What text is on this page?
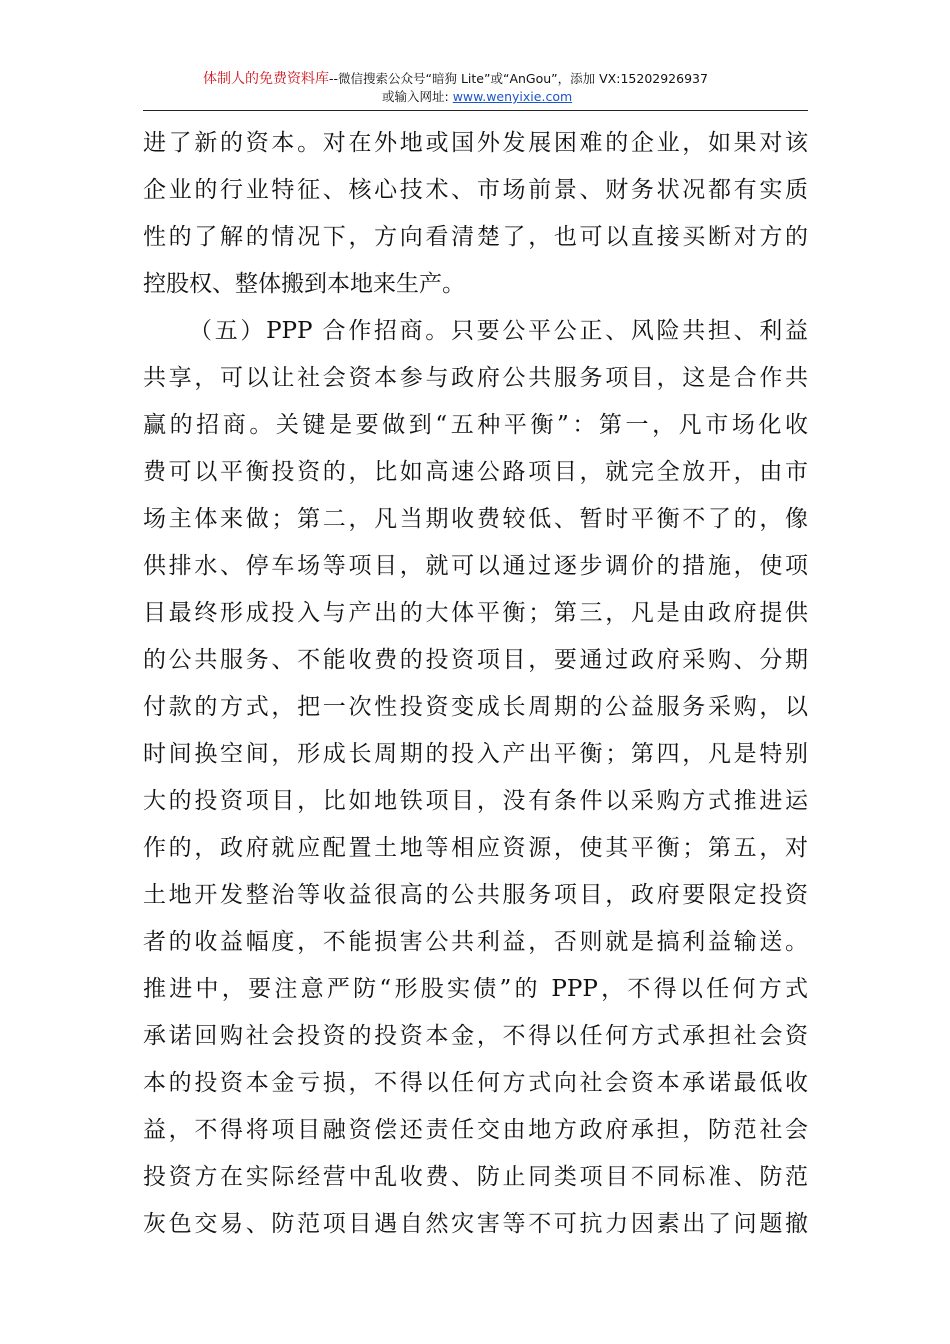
体制人的免费资料库--微信搜索公众号“暗狗 Lite”或“AnGou”，添加 VX:15202926937
或输入网址: www.wenyixie.com
进了新的资本。对在外地或国外发展困难的企业，如果对该
企业的行业特征、核心技术、市场前景、财务状况都有实质
性的了解的情况下，方向看清楚了，也可以直接买断对方的
控股权、整体搬到本地来生产。
（五）PPP 合作招商。只要公平公正、风险共担、利益
共享，可以让社会资本参与政府公共服务项目，这是合作共
赢的招商。关键是要做到“五种平衡”：第一，凡市场化收
费可以平衡投资的，比如高速公路项目，就完全放开，由市
场主体来做；第二，凡当期收费较低、暂时平衡不了的，像
供排水、停车场等项目，就可以通过逐步调价的措施，使项
目最终形成投入与产出的大体平衡；第三，凡是由政府提供
的公共服务、不能收费的投资项目，要通过政府采购、分期
付款的方式，把一次性投资变成长周期的公益服务采购，以
时间换空间，形成长周期的投入产出平衡；第四，凡是特别
大的投资项目，比如地铁项目，没有条件以采购方式推进运
作的，政府就应配置土地等相应资源，使其平衡；第五，对
土地开发整治等收益很高的公共服务项目，政府要限定投资
者的收益幅度，不能损害公共利益，否则就是搞利益输送。
推进中，要注意严防“形股实债”的 PPP，不得以任何方式
承诺回购社会投资的投资本金，不得以任何方式承担社会资
本的投资本金亏损，不得以任何方式向社会资本承诺最低收
益，不得将项目融资偿还责任交由地方政府承担，防范社会
投资方在实际经营中乱收费、防止同类项目不同标准、防范
灰色交易、防范项目遇自然灾害等不可抗力因素出了问题撤
